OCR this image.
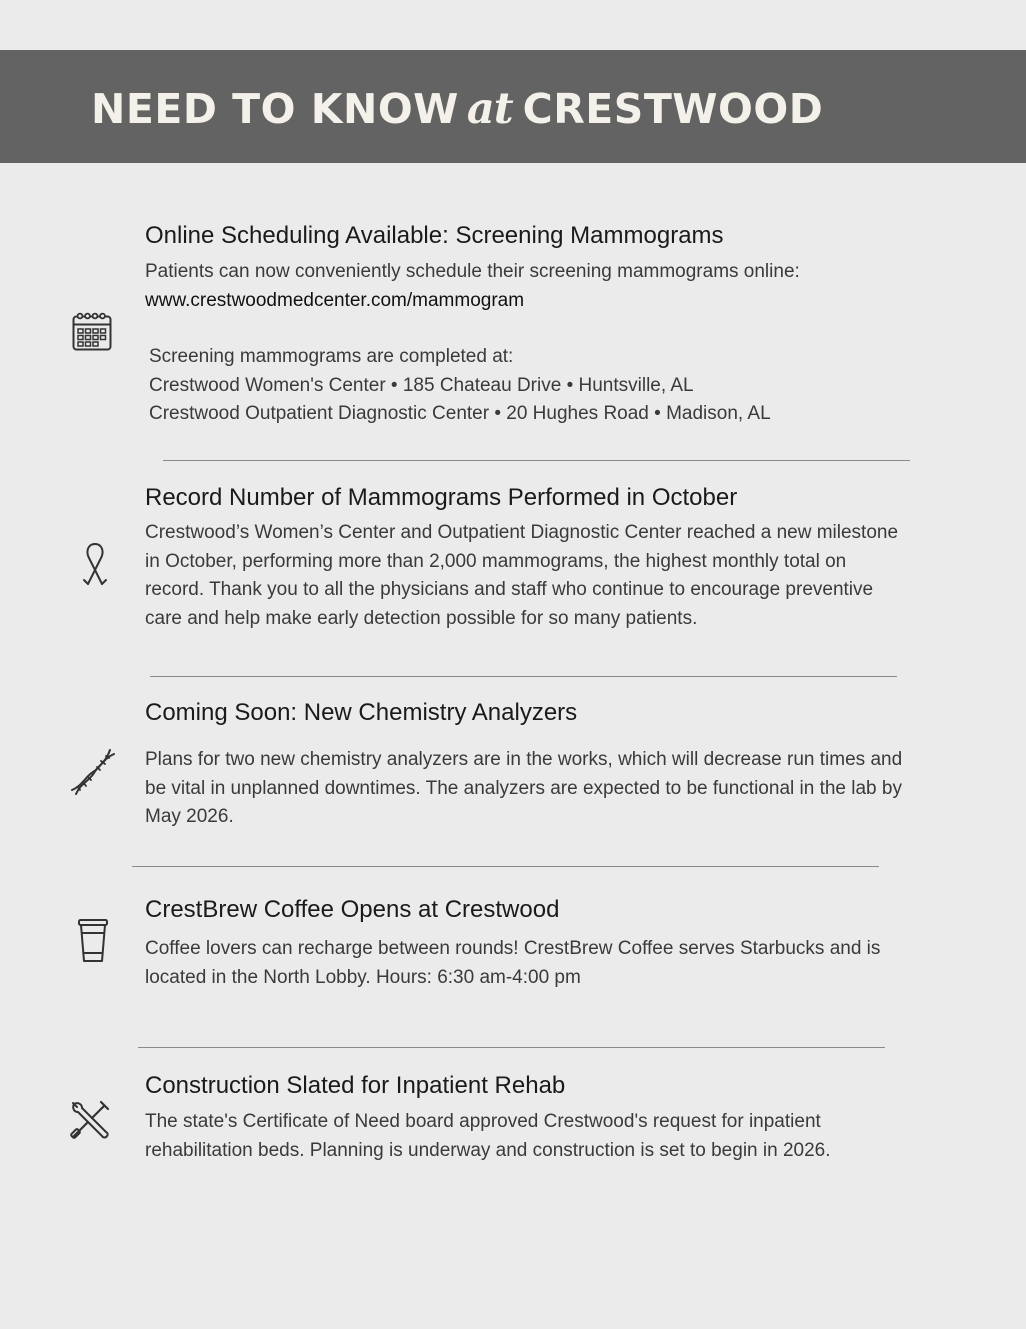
NEED TO KNOW at CRESTWOOD
Online Scheduling Available: Screening Mammograms

Patients can now conveniently schedule their screening mammograms online:

www.crestwoodmedcenter.com/mammogram

Screening mammograms are completed at:

Crestwood Women's Center • 185 Chateau Drive • Huntsville, AL

Crestwood Outpatient Diagnostic Center • 20 Hughes Road • Madison, AL

Record Number of Mammograms Performed in October

Crestwood’s Women’s Center and Outpatient Diagnostic Center reached a new milestone in October, performing more than 2,000 mammograms, the highest monthly total on record. Thank you to all the physicians and staff who continue to encourage preventive care and help make early detection possible for so many patients.

Coming Soon: New Chemistry Analyzers

Plans for two new chemistry analyzers are in the works, which will decrease run times and be vital in unplanned downtimes. The analyzers are expected to be functional in the lab by May 2026.

CrestBrew Coffee Opens at Crestwood

Coffee lovers can recharge between rounds! CrestBrew Coffee serves Starbucks and is located in the North Lobby. Hours: 6:30 am-4:00 pm

Construction Slated for Inpatient Rehab

The state's Certificate of Need board approved Crestwood's request for inpatient rehabilitation beds. Planning is underway and construction is set to begin in 2026.
